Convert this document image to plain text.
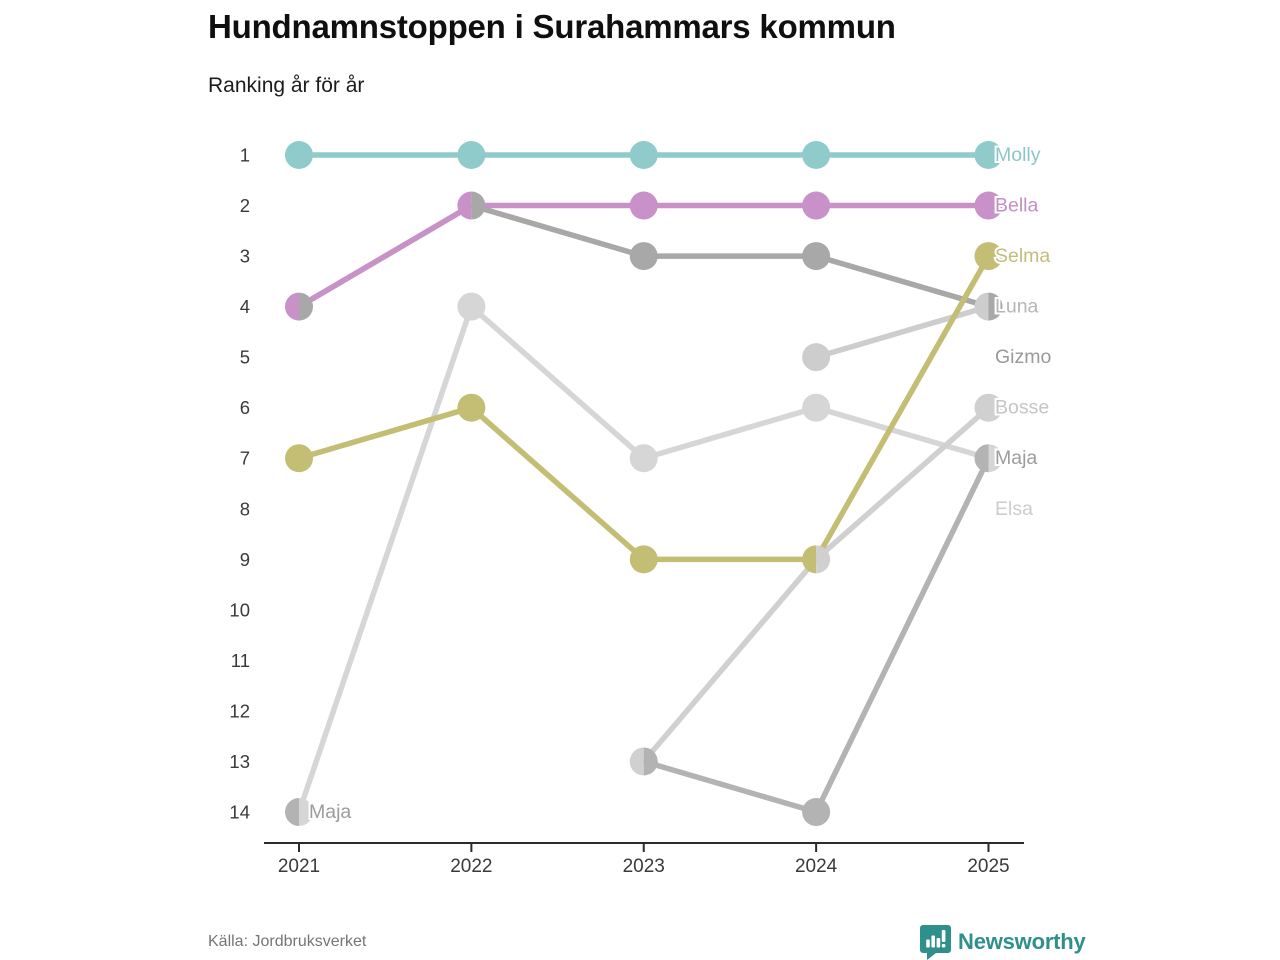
Hundnamnstoppen i Surahammars kommun
Ranking år för år
1
2
3
4
5
6
7
8
9
10
11
12
13
14
2021	2022	2023	2024	2025
Molly
Bella
Selma
Gizmo
Bosse
Maja
Maja
Elsa
Luna
Källa: Jordbruksverket	Newsworthy
